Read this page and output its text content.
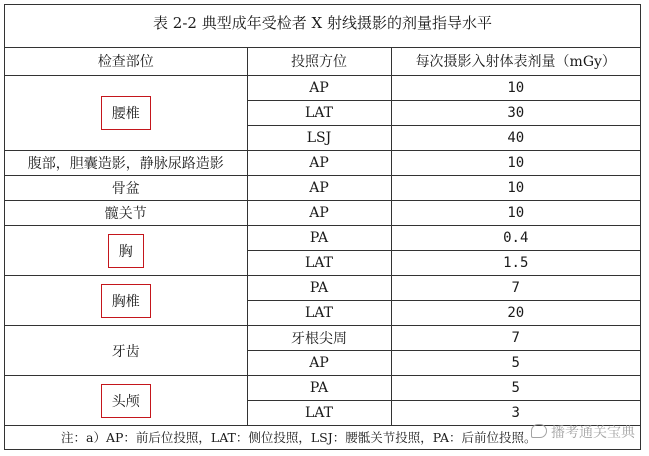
表 2-2 典型成年受检者 X 射线摄影的剂量指导水平
检查部位	投照方位	每次摄影入射体表剂量（mGy）
腰椎	AP	10
	LAT	30
	LSJ	40
腹部，胆囊造影，静脉尿路造影	AP	10
骨盆	AP	10
髋关节	AP	10
胸	PA	0.4
	LAT	1.5
胸椎	PA	7
	LAT	20
牙齿	牙根尖周	7
	AP	5
头颅	PA	5
	LAT	3
注：a）AP：前后位投照，LAT：侧位投照，LSJ：腰骶关节投照，PA：后前位投照。	播考通关宝典
